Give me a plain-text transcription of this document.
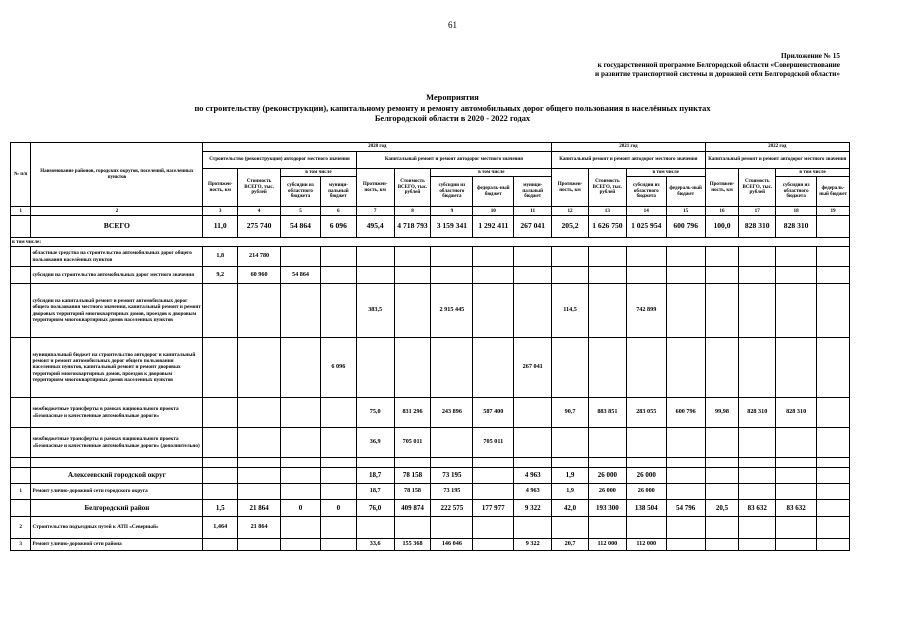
61
Приложение № 15
к государственной программе Белгородской области «Совершенствование
и развитие транспортной системы и дорожной сети Белгородской области»
Мероприятия
по строительству (реконструкции), капитальному ремонту и ремонту автомобильных дорог общего пользования в населённых пунктах
Белгородской области в 2020 - 2022 годах
№ п/п	Наименование районов, городских округов, поселений, населенных пунктов	2020 год									2021 год				2022 год			
		Строительство (реконструкция) автодорог местного значения				Капитальный ремонт и ремонт автодорог местного значения					Капитальный ремонт и ремонт автодорог местного значения				Капитальный ремонт и ремонт автодорог местного значения			
		Протяжен-ность, км	Стоимость ВСЕГО, тыс. рублей	в том числе		Протяжен-ность, км	Стоимость ВСЕГО, тыс. рублей	в том числе			Протяжен-ность, км	Стоимость ВСЕГО, тыс. рублей	в том числе		Протяжен-ность, км	Стоимость ВСЕГО, тыс. рублей	в том числе	
				субсидии из областного бюджета	муници-пальный бюджет			субсидии из областного бюджета	федераль-ный бюджет	муници-пальный бюджет			субсидии из областного бюджета	федераль-ный бюджет			субсидии из областного бюджета	федераль-ный бюджет
1	2	3	4	5	6	7	8	9	10	11	12	13	14	15	16	17	18	19
	ВСЕГО	11,0	275 740	54 864	6 096	495,4	4 718 793	3 159 341	1 292 411	267 041	205,2	1 626 750	1 025 954	600 796	100,0	828 310	828 310	
в том числе:																		
	областные средства на строительство автомобильных дорог общего пользования населённых пунктов	1,8	214 780															
	субсидии на строительство автомобильных дорог местного значения	9,2	60 960	54 864														
	субсидии на капитальный ремонт и ремонт автомобильных дорог общего пользования местного значения, капитальный ремонт и ремонт дворовых территорий многоквартирных домов, проездов к дворовым территориям многоквартирных домов населенных пунктов					383,5		2 915 445			114,5		742 899					
	муниципальный бюджет на строительство автодорог и капитальный ремонт и ремонт автомобильных дорог общего пользования населенных пунктов, капитальный ремонт и ремонт дворовых территорий многоквартирных домов, проездов к дворовым территориям многоквартирных домов населенных пунктов				6 096					267 041								
	межбюджетные трансферты в рамках национального проекта «Безопасные и качественные автомобильные дороги»					75,0	831 296	243 896	587 400		90,7	883 851	283 055	600 796	99,98	828 310	828 310	
	межбюджетные трансферты в рамках национального проекта «Безопасные и качественные автомобильные дороги» (дополнительно)					36,9	705 011		705 011									

	Алексеевский городской округ					18,7	78 158	73 195		4 963	1,9	26 000	26 000					
1	Ремонт улично-дорожной сети городского округа					18,7	78 158	73 195		4 963	1,9	26 000	26 000					
	Белгородский район	1,5	21 864	0	0	76,0	409 874	222 575	177 977	9 322	42,0	193 300	138 504	54 796	20,5	83 632	83 632	
2	Строительство подъездных путей к АТП «Северный»	1,464	21 864															
3	Ремонт улично-дорожной сети района					33,6	155 368	146 046		9 322	20,7	112 000	112 000					
